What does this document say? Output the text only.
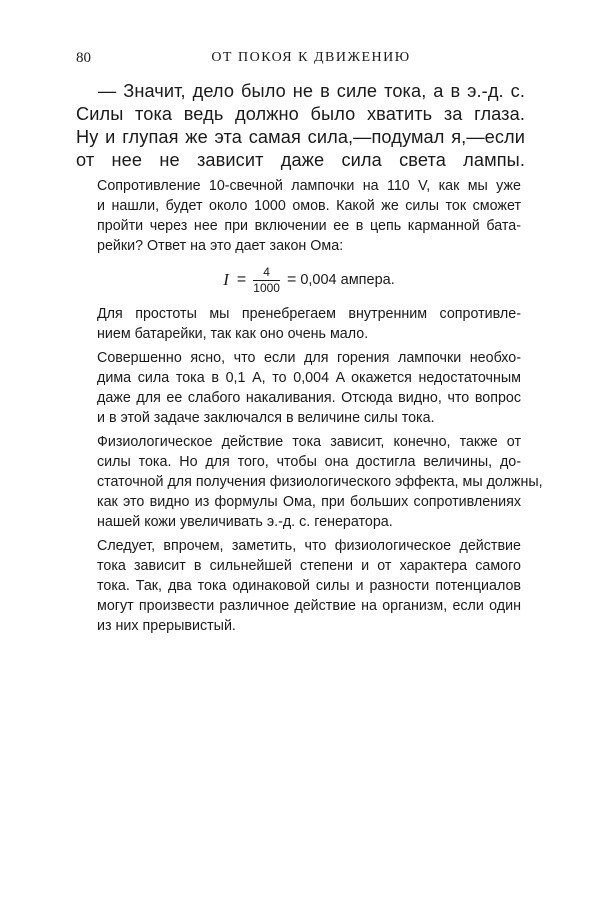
80	ОТ ПОКОЯ К ДВИЖЕНИЮ
— Значит, дело было не в силе тока, а в э.-д. с.
Силы тока ведь должно было хватить за глаза.
Ну и глупая же эта самая сила,—подумал я,—если
от нее не зависит даже сила света лампы.
Сопротивление 10-свечной лампочки на 110 V, как мы уже
и нашли, будет около 1000 омов. Какой же силы ток сможет
пройти через нее при включении ее в цепь карманной бата-
рейки? Ответ на это дает закон Ома:
$I = \frac{4}{1000} = 0,004$ ампера.
Для простоты мы пренебрегаем внутренним сопротивле-
нием батарейки, так как оно очень мало.
Совершенно ясно, что если для горения лампочки необхо-
дима сила тока в 0,1 A, то 0,004 A окажется недостаточным
даже для ее слабого накаливания. Отсюда видно, что вопрос
и в этой задаче заключался в величине силы тока.
Физиологическое действие тока зависит, конечно, также от
силы тока. Но для того, чтобы она достигла величины, до-
статочной для получения физиологического эффекта, мы должны,
как это видно из формулы Ома, при больших сопротивлениях
нашей кожи увеличивать э.-д. с. генератора.
Следует, впрочем, заметить, что физиологическое действие
тока зависит в сильнейшей степени и от характера самого
тока. Так, два тока одинаковой силы и разности потенциалов
могут произвести различное действие на организм, если один
из них прерывистый.
